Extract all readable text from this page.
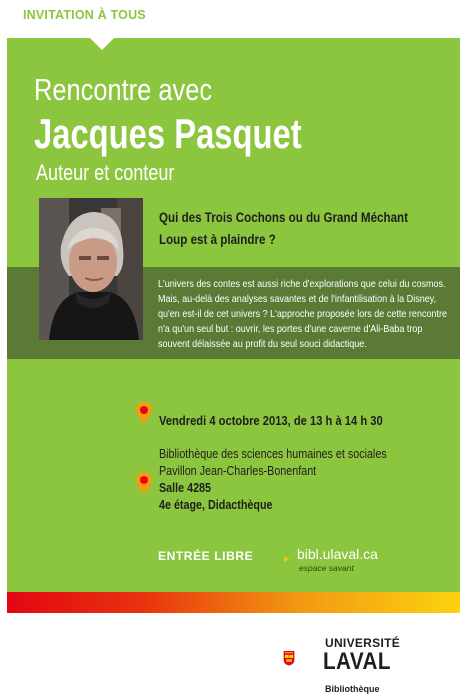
INVITATION À TOUS
Rencontre avec
Jacques Pasquet
Auteur et conteur
Qui des Trois Cochons ou du Grand Méchant Loup est à plaindre ?
L'univers des contes est aussi riche d'explorations que celui du cosmos. Mais, au-delà des analyses savantes et de l'infantilisation à la Disney, qu'en est-il de cet univers ? L'approche proposée lors de cette rencontre n'a qu'un seul but : ouvrir, les portes d'une caverne d'Ali-Baba trop souvent délaissée au profit du seul souci didactique.
Vendredi 4 octobre 2013, de 13 h à 14 h 30
Bibliothèque des sciences humaines et sociales
Pavillon Jean-Charles-Bonenfant
Salle 4285
4e étage, Didacthèque
ENTRÉE LIBRE	▸ bibl.ulaval.ca
espace savant
UNIVERSITÉ
LAVAL
Bibliothèque
